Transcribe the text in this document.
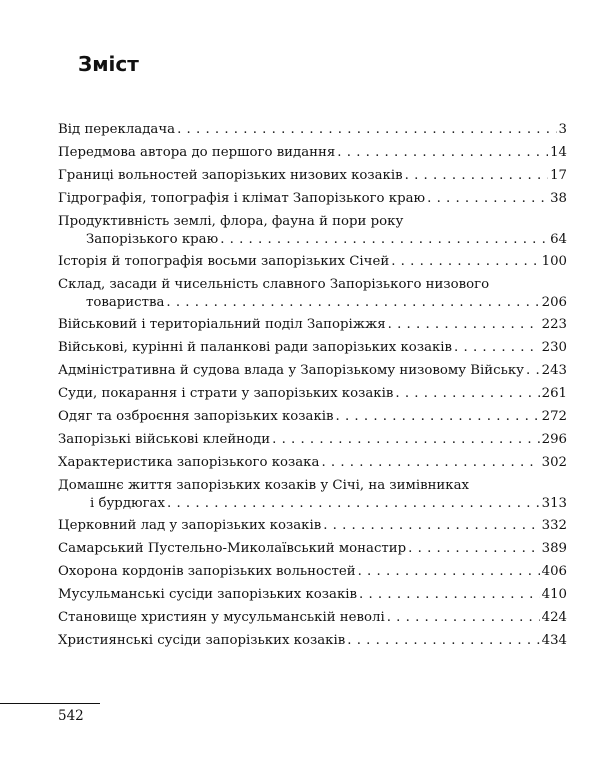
Зміст
Від перекладача . . .	3
Передмова автора до першого видання . . .	14
Границі вольностей запорізьких низових козаків . . .	17
Гідрографія, топографія і клімат Запорізького краю . . .	38
Продуктивність землі, флора, фауна й пори року
Запорізького краю . . .	64
Історія й топографія восьми запорізьких Січей . . .	100
Склад, засади й чисельність славного Запорізького низового
товариства . . .	206
Військовий і територіальний поділ Запоріжжя . . .	223
Військові, курінні й паланкові ради запорізьких козаків . . .	230
Адміністративна й судова влада у Запорізькому низовому Війську . . . 243
Суди, покарання і страти у запорізьких козаків . . .	261
Одяг та озброєння запорізьких козаків . . .	272
Запорізькі військові клейноди . . .	296
Характеристика запорізького козака . . .	302
Домашнє життя запорізьких козаків у Січі, на зимівниках
і бурдюгах . . .	313
Церковний лад у запорізьких козаків . . .	332
Самарський Пустельно-Миколаївський монастир . . .	389
Охорона кордонів запорізьких вольностей . . .	406
Мусульманські сусіди запорізьких козаків . . .	410
Становище християн у мусульманській неволі . . .	424
Християнські сусіди запорізьких козаків . . .	434
542
